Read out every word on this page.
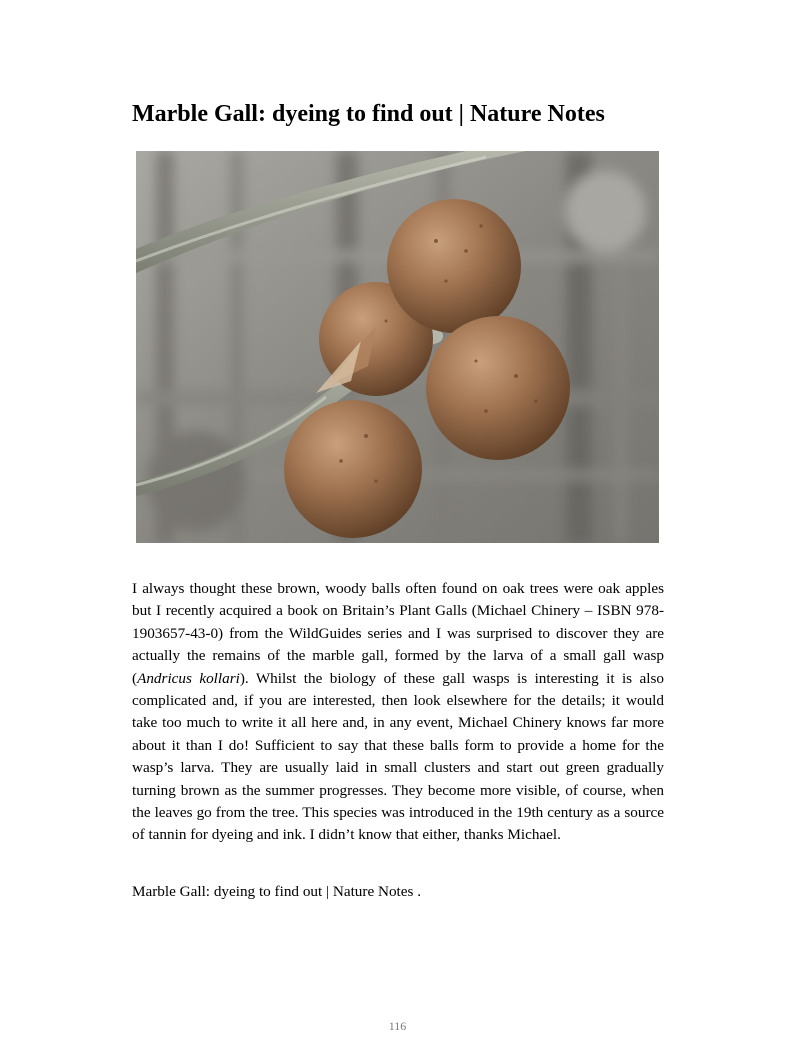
Marble Gall: dyeing to find out | Nature Notes

I always thought these brown, woody balls often found on oak trees were oak apples but I recently acquired a book on Britain’s Plant Galls (Michael Chinery – ISBN 978-1903657-43-0) from the WildGuides series and I was surprised to discover they are actually the remains of the marble gall, formed by the larva of a small gall wasp (Andricus kollari). Whilst the biology of these gall wasps is interesting it is also complicated and, if you are interested, then look elsewhere for the details; it would take too much to write it all here and, in any event, Michael Chinery knows far more about it than I do! Sufficient to say that these balls form to provide a home for the wasp’s larva. They are usually laid in small clusters and start out green gradually turning brown as the summer progresses. They become more visible, of course, when the leaves go from the tree. This species was introduced in the 19th century as a source of tannin for dyeing and ink. I didn’t know that either, thanks Michael.

Marble Gall: dyeing to find out | Nature Notes .

116
